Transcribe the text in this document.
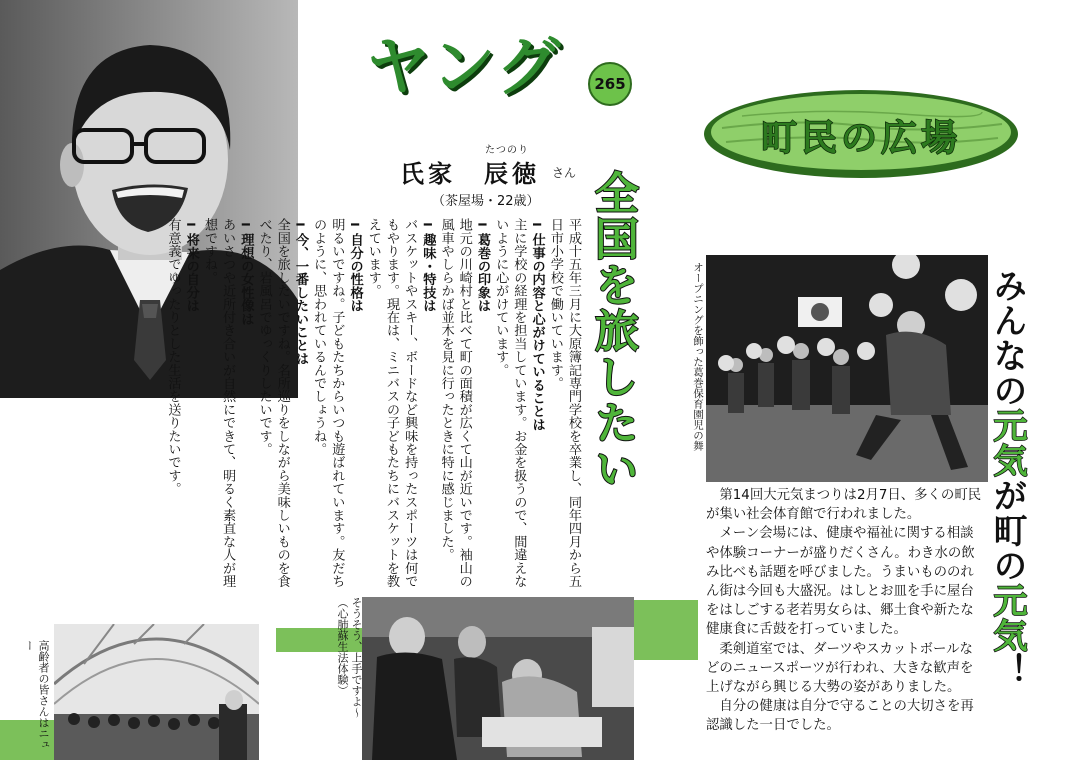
ヤング	265
たつのり
氏家　辰徳 さん
（茶屋場・22歳）

平成十五年三月に大原簿記専門学校を卒業し、同年四月から五日市小学校で働いています。

━仕事の内容と心がけていることは

主に学校の経理を担当しています。お金を扱うので、間違えないように心がけています。

━葛巻の印象は

地元の川崎村と比べて町の面積が広くて山が近いです。袖山の風車やしらかば並木を見に行ったときに特に感じました。

━趣味・特技は

バスケットやスキー、ボードなど興味を持ったスポーツは何でもやります。現在は、ミニバスの子どもたちにバスケットを教えています。

━自分の性格は

明るいですね。子どもたちからいつも遊ばれています。友だちのように、思われているんでしょうね。

━今、一番したいことは

全国を旅したいですね。名所巡りをしながら美味しいものを食べたり、岩風呂でゆっくりしたいです。

━理想の女性像は

あいさつや近所付き合いが自然にできて、明るく素直な人が理想ですね。

━将来の自分は

有意義でゆったりとした生活を送りたいです。	全国を旅したい
そうそう、上手ですよ～（心肺蘇生法体験）
高齢者の皆さんはニュー
町民の広場
オープニングを飾った葛巻保育園児の舞	みんなの元気が町の元気！

第14回大元気まつりは2月7日、多くの町民が集い社会体育館で行われました。

メーン会場には、健康や福祉に関する相談や体験コーナーが盛りだくさん。わき水の飲み比べも話題を呼びました。うまいもののれん街は今回も大盛況。はしとお皿を手に屋台をはしごする老若男女らは、郷土食や新たな健康食に舌鼓を打っていました。

柔剣道室では、ダーツやスカットボールなどのニュースポーツが行われ、大きな歓声を上げながら興じる大勢の姿がありました。

自分の健康は自分で守ることの大切さを再認識した一日でした。
